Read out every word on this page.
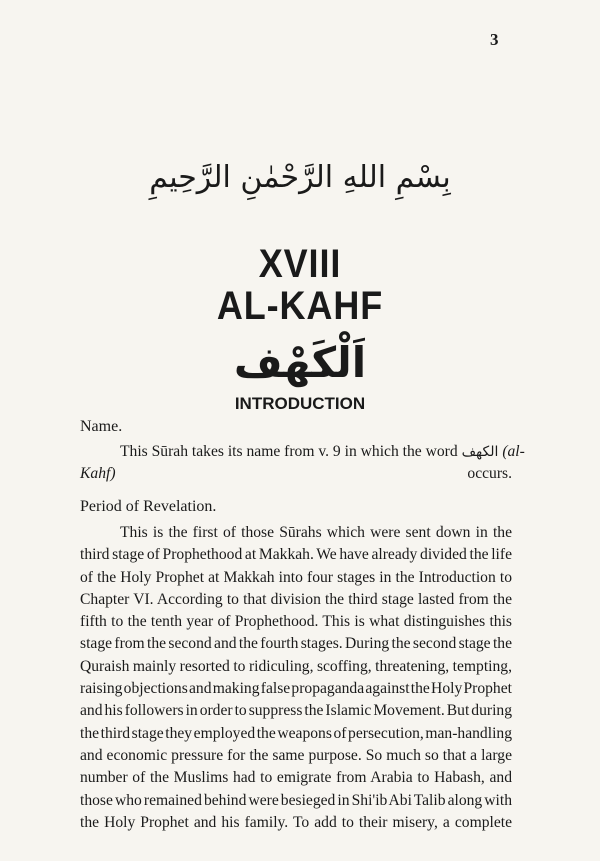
3
بِسْمِ اللهِ الرَّحْمٰنِ الرَّحِيمِ
XVIII
AL-KAHF
اَلْكَهْف
INTRODUCTION
Name.
This Sūrah takes its name from v. 9 in which the word الكهف (al-
Kahf)	occurs.
Period of Revelation.
This is the first of those Sūrahs which were sent down in the
third stage of Prophethood at Makkah. We have already divided the life
of the Holy Prophet at Makkah into four stages in the Introduction to
Chapter VI. According to that division the third stage lasted from the
fifth to the tenth year of Prophethood. This is what distinguishes this
stage from the second and the fourth stages. During the second stage the
Quraish mainly resorted to ridiculing, scoffing, threatening, tempting,
raising objections and making false propaganda against the Holy Prophet
and his followers in order to suppress the Islamic Movement. But during
the third stage they employed the weapons of persecution, man-handling
and economic pressure for the same purpose. So much so that a large
number of the Muslims had to emigrate from Arabia to Habash, and
those who remained behind were besieged in Shi'ib Abi Talib along with
the Holy Prophet and his family. To add to their misery, a complete
